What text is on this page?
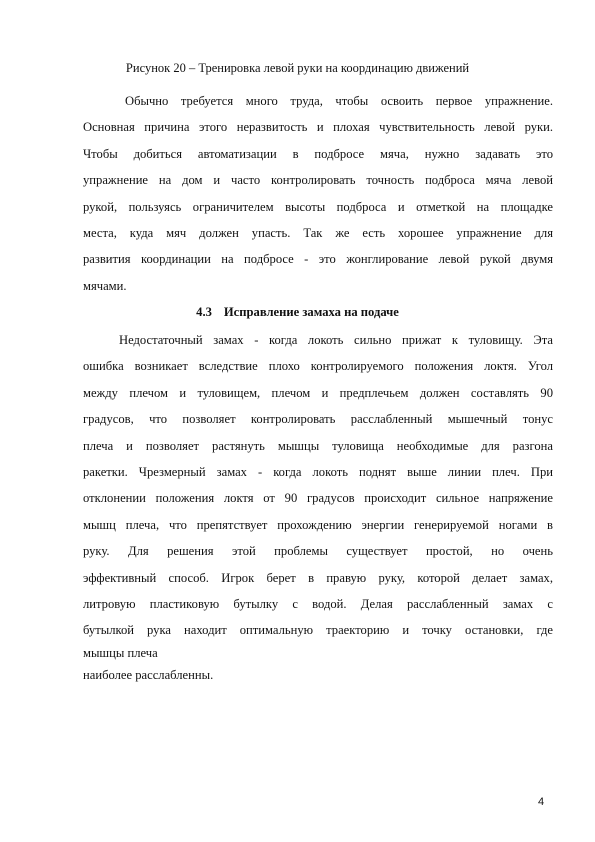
Рисунок 20 – Тренировка левой руки на координацию движений
Обычно требуется много труда, чтобы освоить первое упражнение.
Основная причина этого неразвитость и плохая чувствительность левой руки.
Чтобы добиться автоматизации в подбросе мяча, нужно задавать это
упражнение на дом и часто контролировать точность подброса мяча левой
рукой, пользуясь ограничителем высоты подброса и отметкой на площадке
места, куда мяч должен упасть. Так же есть хорошее упражнение для
развития координации на подбросе - это жонглирование левой рукой двумя
мячами.
4.3 Исправление замаха на подаче
Недостаточный замах - когда локоть сильно прижат к туловищу. Эта
ошибка возникает вследствие плохо контролируемого положения локтя. Угол
между плечом и туловищем, плечом и предплечьем должен составлять 90
градусов, что позволяет контролировать расслабленный мышечный тонус
плеча и позволяет растянуть мышцы туловища необходимые для разгона
ракетки. Чрезмерный замах - когда локоть поднят выше линии плеч. При
отклонении положения локтя от 90 градусов происходит сильное напряжение
мышц плеча, что препятствует прохождению энергии генерируемой ногами в
руку. Для решения этой проблемы существует простой, но очень
эффективный способ. Игрок берет в правую руку, которой делает замах,
литровую пластиковую бутылку с водой. Делая расслабленный замах с
бутылкой рука находит оптимальную траекторию и точку остановки, где
мышцы плеча
наиболее расслабленны.
4
